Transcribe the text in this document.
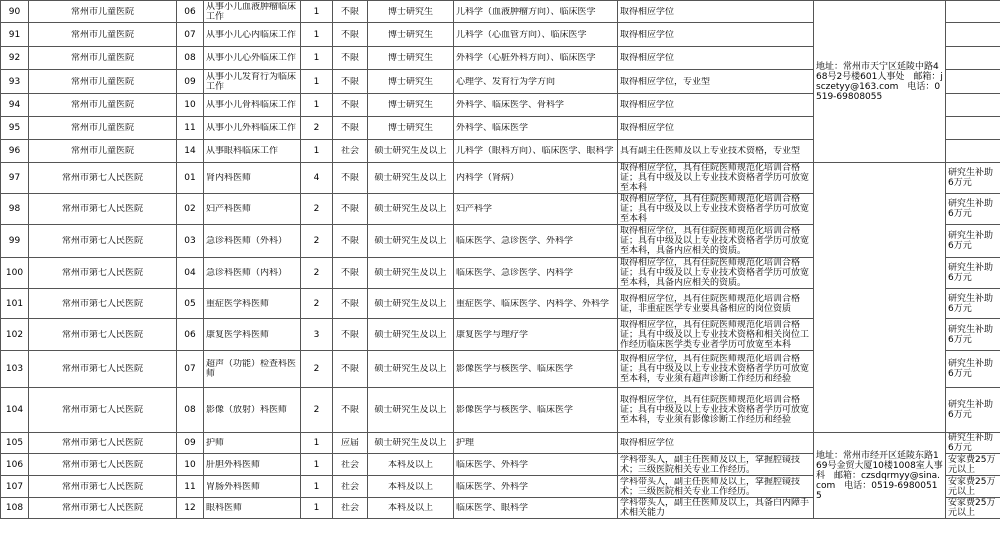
90	常州市儿童医院	06	从事小儿血液肿瘤临床工作	1	不限	博士研究生	儿科学（血液肿瘤方向）、临床医学	取得相应学位	地址：常州市天宁区延陵中路468号2号楼601人事处　邮箱：jsczetyy@163.com　电话：0519-69808055	

91	常州市儿童医院	07	从事小儿心内临床工作	1	不限	博士研究生	儿科学（心血管方向）、临床医学	取得相应学位		

92	常州市儿童医院	08	从事小儿心外临床工作	1	不限	博士研究生	外科学（心脏外科方向）、临床医学	取得相应学位		

93	常州市儿童医院	09	从事小儿发育行为临床工作	1	不限	博士研究生	心理学、发育行为学方向	取得相应学位，专业型		

94	常州市儿童医院	10	从事小儿骨科临床工作	1	不限	博士研究生	外科学、临床医学、骨科学	取得相应学位		

95	常州市儿童医院	11	从事小儿外科临床工作	2	不限	博士研究生	外科学、临床医学	取得相应学位		

96	常州市儿童医院	14	从事眼科临床工作	1	社会	硕士研究生及以上	儿科学（眼科方向）、临床医学、眼科学	具有副主任医师及以上专业技术资格，专业型		

97	常州市第七人民医院	01	肾内科医师	4	不限	硕士研究生及以上	内科学（肾病）	取得相应学位，具有住院医师规范化培训合格证；具有中级及以上专业技术资格者学历可放宽至本科		研究生补助6万元

98	常州市第七人民医院	02	妇产科医师	2	不限	硕士研究生及以上	妇产科学	取得相应学位，具有住院医师规范化培训合格证；具有中级及以上专业技术资格者学历可放宽至本科		研究生补助6万元

99	常州市第七人民医院	03	急诊科医师（外科）	2	不限	硕士研究生及以上	临床医学、急诊医学、外科学	取得相应学位，具有住院医师规范化培训合格证；具有中级及以上专业技术资格者学历可放宽至本科，具备内应相关的资质。		研究生补助6万元

100	常州市第七人民医院	04	急诊科医师（内科）	2	不限	硕士研究生及以上	临床医学、急诊医学、内科学	取得相应学位，具有住院医师规范化培训合格证；具有中级及以上专业技术资格者学历可放宽至本科，具备内应相关的资质。		研究生补助6万元

101	常州市第七人民医院	05	重症医学科医师	2	不限	硕士研究生及以上	重症医学、临床医学、内科学、外科学	取得相应学位，具有住院医师规范化培训合格证，非重症医学专业要具备相应的岗位资质		研究生补助6万元

102	常州市第七人民医院	06	康复医学科医师	3	不限	硕士研究生及以上	康复医学与理疗学	取得相应学位，具有住院医师规范化培训合格证；具有中级及以上专业技术资格和相关岗位工作经历临床医学类专业者学历可放宽至本科		研究生补助6万元

103	常州市第七人民医院	07	超声（功能）检查科医师	2	不限	硕士研究生及以上	影像医学与核医学、临床医学	取得相应学位，具有住院医师规范化培训合格证；具有中级及以上专业技术资格者学历可放宽至本科，专业须有超声诊断工作经历和经验		研究生补助6万元

104	常州市第七人民医院	08	影像（放射）科医师	2	不限	硕士研究生及以上	影像医学与核医学、临床医学	取得相应学位，具有住院医师规范化培训合格证；具有中级及以上专业技术资格者学历可放宽至本科，专业须有影像诊断工作经历和经验		研究生补助6万元

105	常州市第七人民医院	09	护师	1	应届	硕士研究生及以上	护理	取得相应学位	地址：常州市经开区延陵东路169号金贸大厦10楼1008室人事科　邮箱：czsdqrmyy@sina.com　电话：0519-69800515	研究生补助6万元

106	常州市第七人民医院	10	肝胆外科医师	1	社会	本科及以上	临床医学、外科学	学科带头人，副主任医师及以上，掌握腔镜技术；三级医院相关专业工作经历。		安家费25万元以上

107	常州市第七人民医院	11	胃肠外科医师	1	社会	本科及以上	临床医学、外科学	学科带头人，副主任医师及以上，掌握腔镜技术；三级医院相关专业工作经历。		安家费25万元以上

108	常州市第七人民医院	12	眼科医师	1	社会	本科及以上	临床医学、眼科学	学科带头人，副主任医师及以上，具备白内障手术相关能力		安家费25万元以上
